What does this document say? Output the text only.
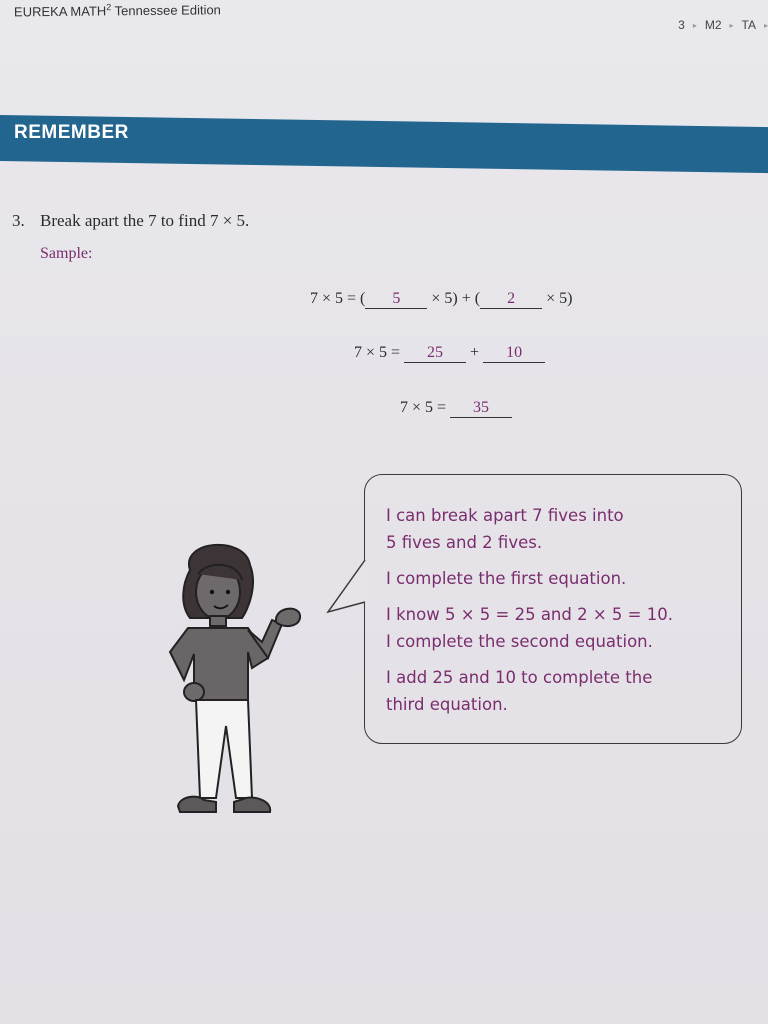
EUREKA MATH$^2$ Tennessee Edition
3 ▸ M2 ▸ TA ▸
REMEMBER
3. Break apart the 7 to find 7 × 5.
Sample:
7 × 5 = ( 5 × 5) + ( 2 × 5)
7 × 5 = 25 + 10
7 × 5 = 35

I can break apart 7 fives into
5 fives and 2 fives.

I complete the first equation.

I know 5 × 5 = 25 and 2 × 5 = 10.
I complete the second equation.

I add 25 and 10 to complete the
third equation.
